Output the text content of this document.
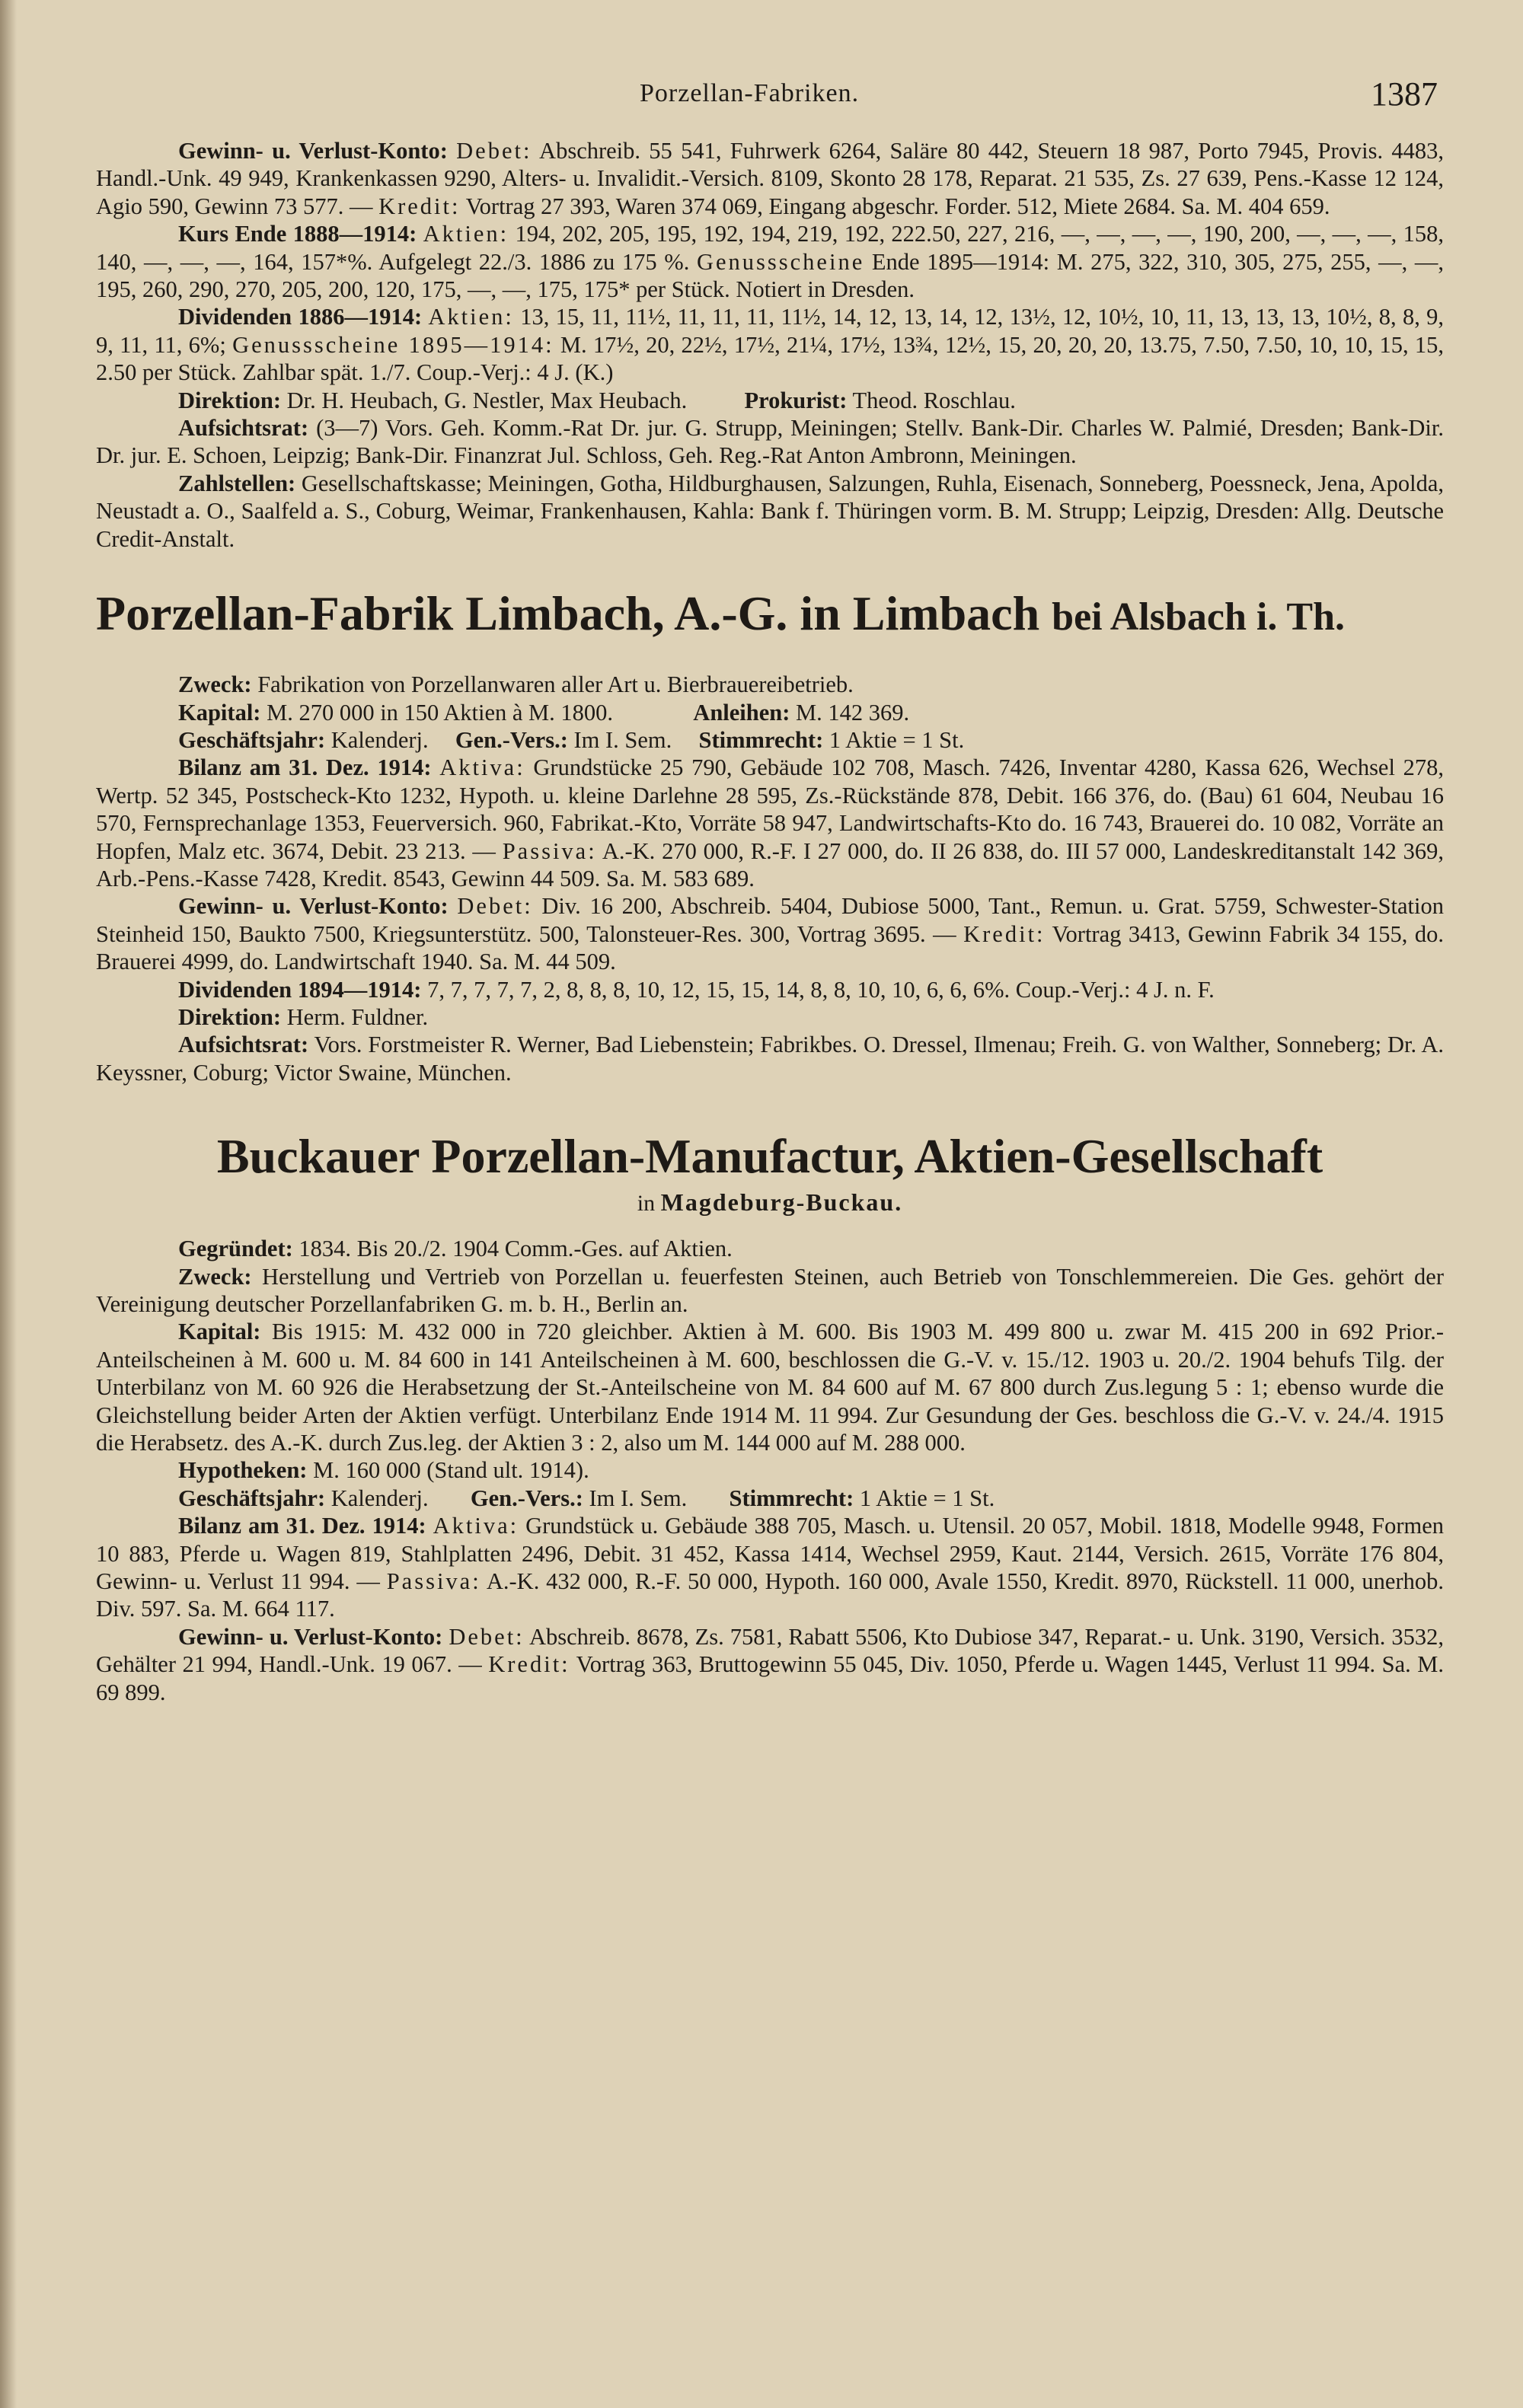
Porzellan-Fabriken.	1387

Gewinn- u. Verlust-Konto: Debet: Abschreib. 55 541, Fuhrwerk 6264, Saläre 80 442, Steuern 18 987, Porto 7945, Provis. 4483, Handl.-Unk. 49 949, Krankenkassen 9290, Alters- u. Invalidit.-Versich. 8109, Skonto 28 178, Reparat. 21 535, Zs. 27 639, Pens.-Kasse 12 124, Agio 590, Gewinn 73 577. — Kredit: Vortrag 27 393, Waren 374 069, Eingang abgeschr. Forder. 512, Miete 2684. Sa. M. 404 659.

Kurs Ende 1888—1914: Aktien: 194, 202, 205, 195, 192, 194, 219, 192, 222.50, 227, 216, —, —, —, —, 190, 200, —, —, —, 158, 140, —, —, —, 164, 157*%. Aufgelegt 22./3. 1886 zu 175 %. Genussscheine Ende 1895—1914: M. 275, 322, 310, 305, 275, 255, —, —, 195, 260, 290, 270, 205, 200, 120, 175, —, —, 175, 175* per Stück. Notiert in Dresden.

Dividenden 1886—1914: Aktien: 13, 15, 11, 11½, 11, 11, 11, 11½, 14, 12, 13, 14, 12, 13½, 12, 10½, 10, 11, 13, 13, 13, 10½, 8, 8, 9, 9, 11, 11, 6%; Genussscheine 1895—1914: M. 17½, 20, 22½, 17½, 21¼, 17½, 13¾, 12½, 15, 20, 20, 20, 13.75, 7.50, 7.50, 10, 10, 15, 15, 2.50 per Stück. Zahlbar spät. 1./7. Coup.-Verj.: 4 J. (K.)

Direktion: Dr. H. Heubach, G. Nestler, Max Heubach. Prokurist: Theod. Roschlau.

Aufsichtsrat: (3—7) Vors. Geh. Komm.-Rat Dr. jur. G. Strupp, Meiningen; Stellv. Bank-Dir. Charles W. Palmié, Dresden; Bank-Dir. Dr. jur. E. Schoen, Leipzig; Bank-Dir. Finanzrat Jul. Schloss, Geh. Reg.-Rat Anton Ambronn, Meiningen.

Zahlstellen: Gesellschaftskasse; Meiningen, Gotha, Hildburghausen, Salzungen, Ruhla, Eisenach, Sonneberg, Poessneck, Jena, Apolda, Neustadt a. O., Saalfeld a. S., Coburg, Weimar, Frankenhausen, Kahla: Bank f. Thüringen vorm. B. M. Strupp; Leipzig, Dresden: Allg. Deutsche Credit-Anstalt.

Porzellan-Fabrik Limbach, A.-G. in Limbach bei Alsbach i. Th.

Zweck: Fabrikation von Porzellanwaren aller Art u. Bierbrauereibetrieb.

Kapital: M. 270 000 in 150 Aktien à M. 1800.	Anleihen: M. 142 369.

Geschäftsjahr: Kalenderj. Gen.-Vers.: Im I. Sem. Stimmrecht: 1 Aktie = 1 St.

Bilanz am 31. Dez. 1914: Aktiva: Grundstücke 25 790, Gebäude 102 708, Masch. 7426, Inventar 4280, Kassa 626, Wechsel 278, Wertp. 52 345, Postscheck-Kto 1232, Hypoth. u. kleine Darlehne 28 595, Zs.-Rückstände 878, Debit. 166 376, do. (Bau) 61 604, Neubau 16 570, Fernsprechanlage 1353, Feuerversich. 960, Fabrikat.-Kto, Vorräte 58 947, Landwirtschafts-Kto do. 16 743, Brauerei do. 10 082, Vorräte an Hopfen, Malz etc. 3674, Debit. 23 213. — Passiva: A.-K. 270 000, R.-F. I 27 000, do. II 26 838, do. III 57 000, Landeskreditanstalt 142 369, Arb.-Pens.-Kasse 7428, Kredit. 8543, Gewinn 44 509. Sa. M. 583 689.

Gewinn- u. Verlust-Konto: Debet: Div. 16 200, Abschreib. 5404, Dubiose 5000, Tant., Remun. u. Grat. 5759, Schwester-Station Steinheid 150, Baukto 7500, Kriegsunterstütz. 500, Talonsteuer-Res. 300, Vortrag 3695. — Kredit: Vortrag 3413, Gewinn Fabrik 34 155, do. Brauerei 4999, do. Landwirtschaft 1940. Sa. M. 44 509.

Dividenden 1894—1914: 7, 7, 7, 7, 7, 2, 8, 8, 8, 10, 12, 15, 15, 14, 8, 8, 10, 10, 6, 6, 6%. Coup.-Verj.: 4 J. n. F.

Direktion: Herm. Fuldner.

Aufsichtsrat: Vors. Forstmeister R. Werner, Bad Liebenstein; Fabrikbes. O. Dressel, Ilmenau; Freih. G. von Walther, Sonneberg; Dr. A. Keyssner, Coburg; Victor Swaine, München.

Buckauer Porzellan-Manufactur, Aktien-Gesellschaft
in Magdeburg-Buckau.

Gegründet: 1834. Bis 20./2. 1904 Comm.-Ges. auf Aktien.

Zweck: Herstellung und Vertrieb von Porzellan u. feuerfesten Steinen, auch Betrieb von Tonschlemmereien. Die Ges. gehört der Vereinigung deutscher Porzellanfabriken G. m. b. H., Berlin an.

Kapital: Bis 1915: M. 432 000 in 720 gleichber. Aktien à M. 600. Bis 1903 M. 499 800 u. zwar M. 415 200 in 692 Prior.-Anteilscheinen à M. 600 u. M. 84 600 in 141 Anteilscheinen à M. 600, beschlossen die G.-V. v. 15./12. 1903 u. 20./2. 1904 behufs Tilg. der Unterbilanz von M. 60 926 die Herabsetzung der St.-Anteilscheine von M. 84 600 auf M. 67 800 durch Zus.legung 5 : 1; ebenso wurde die Gleichstellung beider Arten der Aktien verfügt. Unterbilanz Ende 1914 M. 11 994. Zur Gesundung der Ges. beschloss die G.-V. v. 24./4. 1915 die Herabsetz. des A.-K. durch Zus.leg. der Aktien 3 : 2, also um M. 144 000 auf M. 288 000.

Hypotheken: M. 160 000 (Stand ult. 1914).

Geschäftsjahr: Kalenderj. Gen.-Vers.: Im I. Sem. Stimmrecht: 1 Aktie = 1 St.

Bilanz am 31. Dez. 1914: Aktiva: Grundstück u. Gebäude 388 705, Masch. u. Utensil. 20 057, Mobil. 1818, Modelle 9948, Formen 10 883, Pferde u. Wagen 819, Stahlplatten 2496, Debit. 31 452, Kassa 1414, Wechsel 2959, Kaut. 2144, Versich. 2615, Vorräte 176 804, Gewinn- u. Verlust 11 994. — Passiva: A.-K. 432 000, R.-F. 50 000, Hypoth. 160 000, Avale 1550, Kredit. 8970, Rückstell. 11 000, unerhob. Div. 597. Sa. M. 664 117.

Gewinn- u. Verlust-Konto: Debet: Abschreib. 8678, Zs. 7581, Rabatt 5506, Kto Dubiose 347, Reparat.- u. Unk. 3190, Versich. 3532, Gehälter 21 994, Handl.-Unk. 19 067. — Kredit: Vortrag 363, Bruttogewinn 55 045, Div. 1050, Pferde u. Wagen 1445, Verlust 11 994. Sa. M. 69 899.
